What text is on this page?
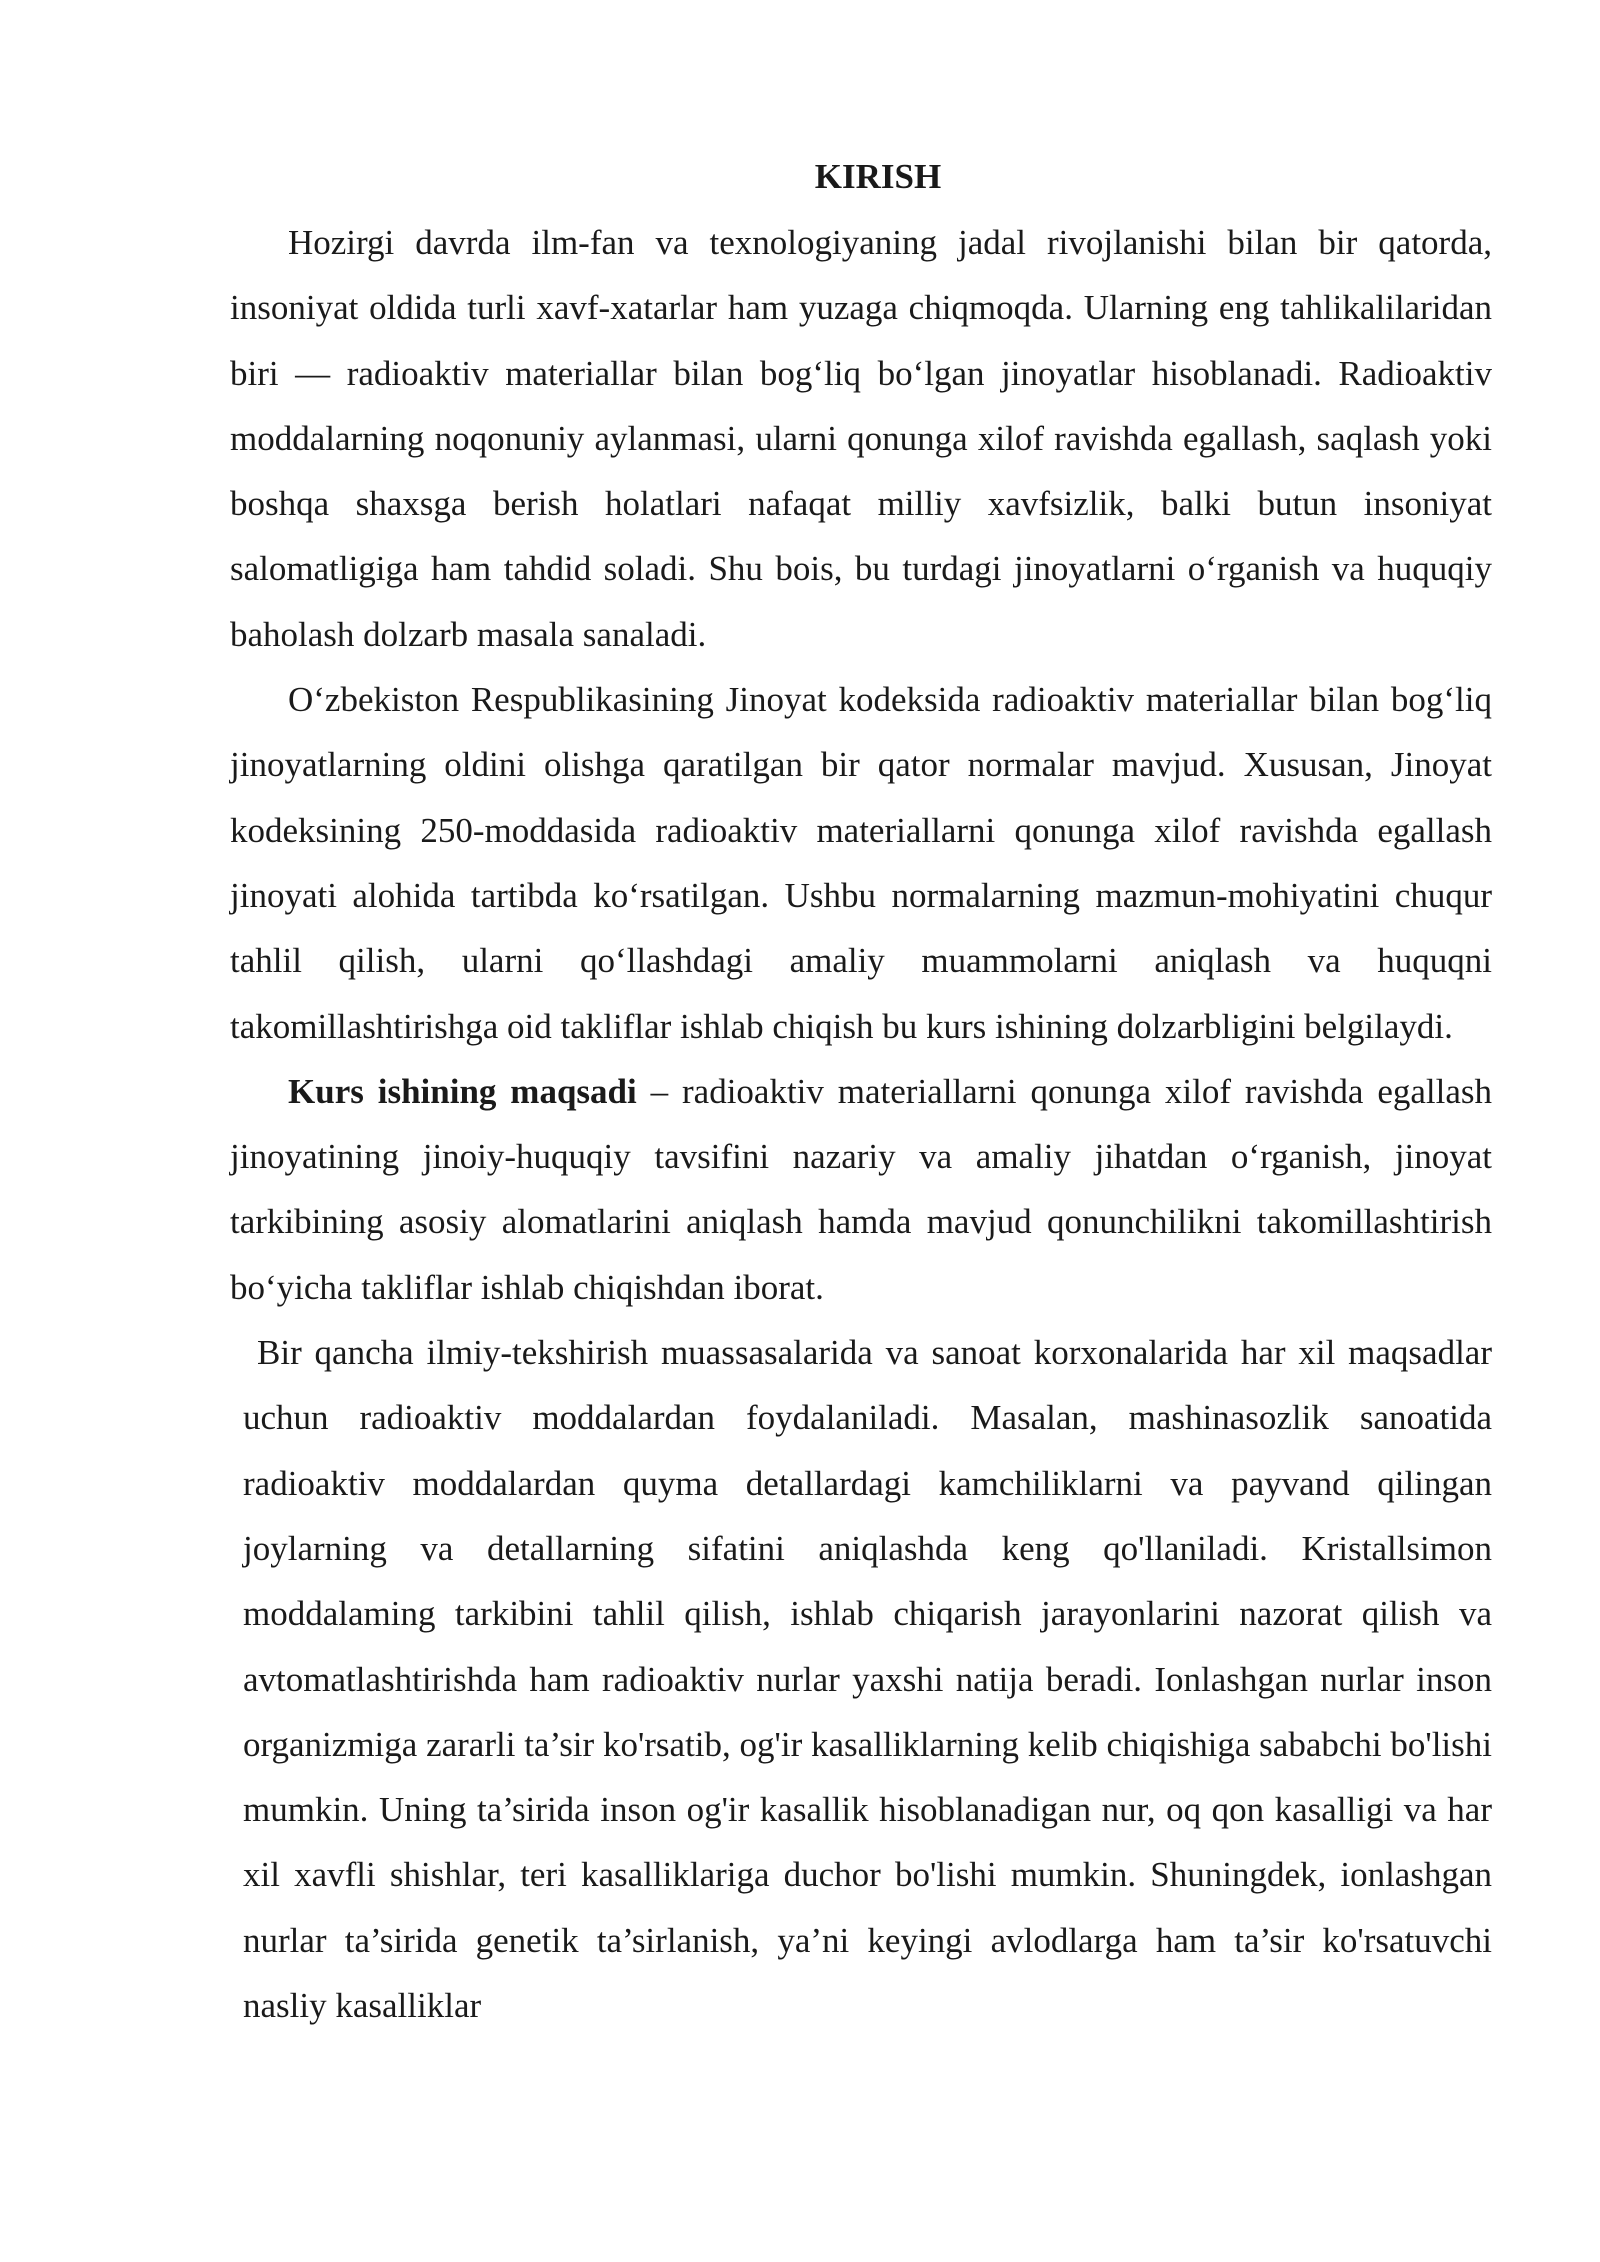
KIRISH

Hozirgi davrda ilm-fan va texnologiyaning jadal rivojlanishi bilan bir qatorda, insoniyat oldida turli xavf-xatarlar ham yuzaga chiqmoqda. Ularning eng tahlikalilaridan biri — radioaktiv materiallar bilan bog‘liq bo‘lgan jinoyatlar hisoblanadi. Radioaktiv moddalarning noqonuniy aylanmasi, ularni qonunga xilof ravishda egallash, saqlash yoki boshqa shaxsga berish holatlari nafaqat milliy xavfsizlik, balki butun insoniyat salomatligiga ham tahdid soladi. Shu bois, bu turdagi jinoyatlarni o‘rganish va huquqiy baholash dolzarb masala sanaladi.

O‘zbekiston Respublikasining Jinoyat kodeksida radioaktiv materiallar bilan bog‘liq jinoyatlarning oldini olishga qaratilgan bir qator normalar mavjud. Xususan, Jinoyat kodeksining 250-moddasida radioaktiv materiallarni qonunga xilof ravishda egallash jinoyati alohida tartibda ko‘rsatilgan. Ushbu normalarning mazmun-mohiyatini chuqur tahlil qilish, ularni qo‘llashdagi amaliy muammolarni aniqlash va huquqni takomillashtirishga oid takliflar ishlab chiqish bu kurs ishining dolzarbligini belgilaydi.

Kurs ishining maqsadi – radioaktiv materiallarni qonunga xilof ravishda egallash jinoyatining jinoiy-huquqiy tavsifini nazariy va amaliy jihatdan o‘rganish, jinoyat tarkibining asosiy alomatlarini aniqlash hamda mavjud qonunchilikni takomillashtirish bo‘yicha takliflar ishlab chiqishdan iborat.

Bir qancha ilmiy-tekshirish muassasalarida va sanoat korxonalarida har xil maqsadlar uchun radioaktiv moddalardan foydalaniladi. Masalan, mashinasozlik sanoatida radioaktiv moddalardan quyma detallardagi kamchiliklarni va payvand qilingan joylarning va detallarning sifatini aniqlashda keng qo'llaniladi. Kristallsimon moddalaming tarkibini tahlil qilish, ishlab chiqarish jarayonlarini nazorat qilish va avtomatlashtirishda ham radioaktiv nurlar yaxshi natija beradi. Ionlashgan nurlar inson organizmiga zararli ta’sir ko'rsatib, og'ir kasalliklarning kelib chiqishiga sababchi bo'lishi mumkin. Uning ta’sirida inson og'ir kasallik hisoblanadigan nur, oq qon kasalligi va har xil xavfli shishlar, teri kasalliklariga duchor bo'lishi mumkin. Shuningdek, ionlashgan nurlar ta’sirida genetik ta’sirlanish, ya’ni keyingi avlodlarga ham ta’sir ko'rsatuvchi nasliy kasalliklar
